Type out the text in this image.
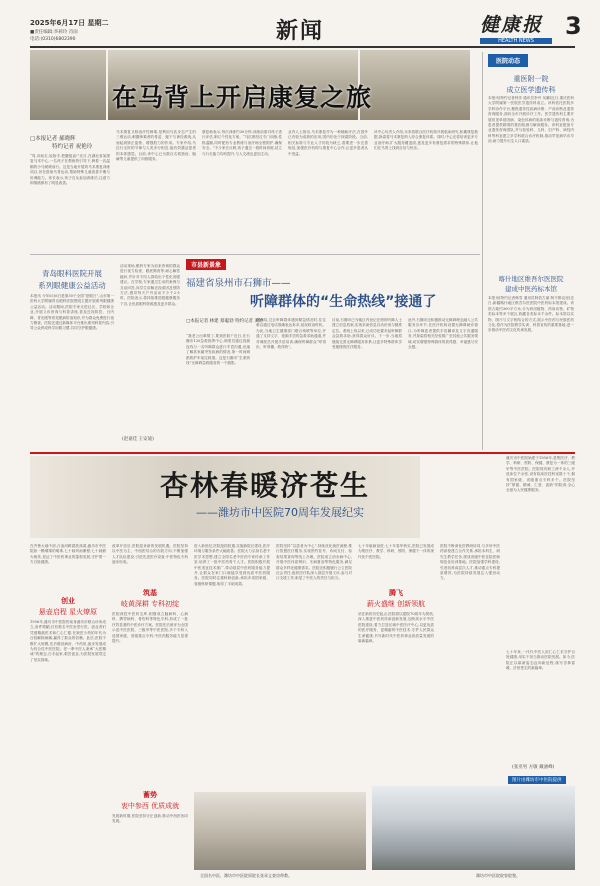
2025年6月17日 星期二
■责任编辑:李莉玲 肖雨
电话:(0310)6802390	新闻	健康报
HEALTH NEWS
3
在马背上开启康复之旅
医院动态
重医附一院
成立医学遗传科
本报讯(特约记者钟彦 通讯员李丹 吴鹏)近日,重庆医科大学附属第一医院医学遗传科成立。该科依托医院多学科协作平台,聚焦遗传性疾病诊断、产前诊断及遗传咨询服务,面向全市开展诊疗工作。医学遗传科主要开展常见单基因病、染色体病的临床诊断与遗传咨询,为患者提供精准的基因检测与解读服务。该科室配备专业遗传咨询团队,并与检验科、儿科、妇产科、神经内科等科室建立多学科联合诊疗机制,推动罕见病早诊早治,助力提升出生人口素质。
喀什地区维吾尔医医院
建成中医药标本馆
本报讯(特约记者韩雪 通讯员阿依古丽·阿不都克里)近日,新疆喀什地区维吾尔医医院中医药标本馆建成。该馆占地约300平方米,分为药用植物、药用动物、矿物类标本等多个展区,收藏各类标本千余件。标本馆以实物、图片与文字相结合的方式,展示中医药与民族医药文化,将作为医院教学实训、科普宣传的重要基地,进一步推动中医药文化传承发展。
□本报记者 郝晓辉
特约记者 祝艳玲
“驾,向前走,轻抬手,把腰挺直!”近日,在湖北省某康复马术中心,一名孩子在教练的引导下,骑着一匹温顺的小马缓缓前行。这是当地开展的马术康复训练项目,旨在借助马背运动,帮助特殊儿童改善平衡与协调能力。家长表示,孩子自从参加训练后,注意力和情绪都有了明显改善。
马术康复又称治疗性骑乘,是利用马匹步态产生的三维运动,刺激骑乘者的骨盆、躯干与神经系统,从而起到矫正姿势、增强肌力的作用。专家介绍,马匹行走时的节律与人类步行相近,能有效激活患者的本体感觉。目前,该中心已为数百名孤独症、脑瘫等儿童提供了训练服务。
康复师表示,每次训练约30分钟,训练前需对孩子进行评估,制订个性化方案。“马匹都经过专门训练,性格温顺,同时配有专业教练与治疗师全程陪护,确保安全。”不少家长反映,孩子通过一段时间训练,站立与行走能力均有提升,与人交流也更加主动。
业内人士指出,马术康复作为一种辅助疗法,在国外已有较为成熟的应用,国内仍处于探索阶段。当前,相关标准与专业人才仍较为缺乏,需要进一步完善规范,加强医疗机构与康复中心合作,让更多患者从中受益。
该中心负责人介绍,未来将联合医疗机构开展临床研究,积累康复数据,探索将马术康复纳入综合康复体系。同时,中心还将培训更多专业治疗师,扩大服务覆盖面,惠及更多有康复需求的特殊群体,让他们在马背上找到自信与快乐。
青岛眼科医院开展
系列眼健康公益活动
本报讯 今年6月6日是第30个全国“爱眼日”,山东第一医科大学附属青岛眼科医院围绕主题开展系列眼健康公益活动。活动期间,医院专家走进社区、学校和企业,开展义诊咨询与科普讲座,普及近视防控、白内障、青光眼等常见眼病防治知识,并为群众免费进行视力筛查。医院还通过新媒体平台推出系列科普内容,引导公众养成科学用眼习惯,共同守护眼健康。
(赵嘉佳 王安迪)
活动现场,眼科专家为前来咨询的群众进行视力检查、眼底筛查等,耐心解答疑问,并针对不同人群给出个性化用眼建议。在学校,专家通过生动的案例与互动问答,向学生讲解近视成因及预防方法,倡导每天户外活动不少于2小时。医院表示,将持续推进眼健康服务下沉,让优质眼科资源惠及更多群众。
市县新景象
福建省泉州市石狮市——
听障群体的“生命热线”接通了
□本报记者 林建 蔡聪勃 特约记者 刘婷
“我老公出事情了,要到医院!”近日,在石狮市120急救指挥中心,调度员通过视频连线与一名听障群众进行手语沟通,迅速了解其家属突发疾病的情况,第一时间调派救护车前往救援。这是石狮市“生命热线”无障碍急救服务的一个缩影。
据介绍,过去听障群体遇到紧急情况时,往往难以通过电话准确表达诉求,延误救治时机。为此,当地卫生健康部门联合残联等单位,开通了支持文字、视频手语的急救求助通道,并对调度员开展手语培训,确保听障群众“呼得出、听得懂、救得快”。
目前,石狮市已为辖区内登记在册的听障人士建立信息档案,实现求助信息自动识别与精准定位。系统上线以来,已成功处置多起听障群众急救求助,获得群众好评。下一步,当地将继续完善无障碍服务体系,让更多特殊群体享受便捷的医疗服务。
此外,石狮市还积极推动无障碍理念融入公共服务各环节,在医疗机构设置无障碍就诊窗口,为听障患者提供手语翻译及文字沟通服务,并探索将相关经验推广至其他公共服务领域,切实增强特殊群体的获得感、幸福感与安全感。
杏林春暖济苍生
——潍坊市中医院70周年发展纪实
在齐鲁大地中部,白浪河畔碧波荡漾,潍坊市中医院如一颗璀璨的明珠,七十载风雨兼程,七十载薪火相传,见证了中医药事业的蓬勃发展,守护着一方百姓健康。
创业
悬壶启程 星火燎原
1956年,潍坊市中医院的前身潍坊市联合诊所成立,条件简陋,仅有数名中医坐堂行医。创业者们凭借精湛医术和仁心仁德,在缺医少药的年代为百姓解除病痛,赢得了群众的信赖。此后,医院不断扩大规模,先后增设病房、中药房,逐步发展成为综合性中医医院。老一辈中医人秉承“大医精诚”的理念,白手起家,艰苦创业,为医院发展奠定了坚实基础。
改革开放后,医院迎来新的发展机遇。医院坚持以中医为主、中西医结合的办院方向,不断加强人才队伍建设,引进先进医疗设备,中医特色专科逐步形成。
筑基
岐黄深耕 专科初绽
医院深挖中医药宝库,相继成立脑病科、心病科、脾胃病科、骨伤科等特色专科,形成了一批疗效显著的中医诊疗方案。医院先后被评为全国示范中医医院、三级甲等中医医院,多个专科入选国家级、省级重点专科,中医药服务能力显著提升。
蓄势
衷中参西 优质成就
发展新时期,医院坚持守正创新,推动中西医协同发展。
进入新世纪,医院抢抓机遇,实施新院区建设,医疗环境与服务条件大幅改善。医院大力弘扬名老中医学术思想,建立全国名老中医药专家传承工作室,培养了一批中医药骨干人才。医院积极开展中医适宜技术推广,带动基层中医药服务能力提升,让群众在家门口就能享受到优质中医药服务。医院同时注重科研创新,承担多项国家级、省级科研课题,取得了丰硕成果。
医院坚持“以患者为中心”,持续优化就医流程,推行智慧医疗服务,实现预约挂号、诊间支付、检查结果查询等线上办理。医院成立治未病中心,开展中医体质辨识、冬病夏治等特色服务,满足群众多样化健康需求。医院还积极履行公立医院社会责任,组织医疗队深入基层开展义诊,参与对口支援工作,彰显了中医人的责任与担当。
腾飞
薪火盛继 创新领航
七十年砥砺奋进,七十年春华秋实,医院已发展成为集医疗、教学、科研、预防、保健于一体的现代化中医医院。
站在新的历史起点,医院将以建院70周年为契机,深入推进中医药传承创新发展,加快高水平中医医院建设,着力打造区域中医医疗中心,以更优质的医疗服务、更精湛的中医技术,守护人民群众生命健康,书写新时代中医药事业高质量发展的崭新篇章。
医院不断深化医教研协同,与多所中医药高校建立合作关系,承担本科生、研究生教学任务,建成省级中医住院医师规范化培训基地。医院加强学科建设,引进培养高层次人才,推动重点专科提质增效,为医院持续发展注入强劲动力。
潍坊市中医院始建于1956年,是集医疗、教学、科研、预防、保健、康复为一体的三级甲等中医医院。医院现有职工两千余人,开放床位千余张,设有临床医技科室数十个,拥有国家级、省级重点专科多个。医院坚持“厚德、精诚、仁爱、创新”的院训,全心全意为人民健康服务。
七十年来,一代代中医人用仁心仁术守护百姓健康,用实干担当推动医院发展。如今,医院正以崭新姿态迈向新征程,续写杏林春暖、济世苍生的新篇章。
(张亚男 方敏 戴涵峰)
图片由潍坊市中医院提供
全国名中医、潍坊市中医院原院长张承义查房带教。	潍坊市中医院院容院貌。
